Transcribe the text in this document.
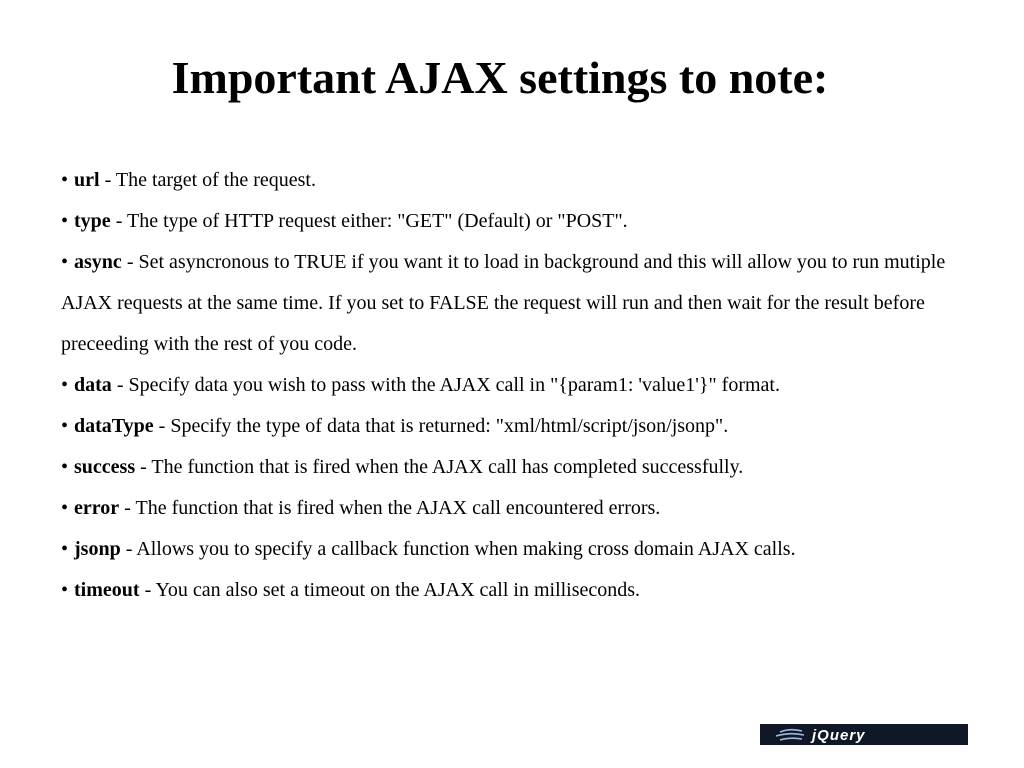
Important AJAX settings to note:
• url - The target of the request.
• type - The type of HTTP request either: "GET" (Default) or "POST".
• async - Set asyncronous to TRUE if you want it to load in background and this will allow you to run mutiple AJAX requests at the same time. If you set to FALSE the request will run and then wait for the result before preceeding with the rest of you code.
• data - Specify data you wish to pass with the AJAX call in "{param1: 'value1'}" format.
• dataType - Specify the type of data that is returned: "xml/html/script/json/jsonp".
• success - The function that is fired when the AJAX call has completed successfully.
• error - The function that is fired when the AJAX call encountered errors.
• jsonp - Allows you to specify a callback function when making cross domain AJAX calls.
• timeout - You can also set a timeout on the AJAX call in milliseconds.
jQuery
